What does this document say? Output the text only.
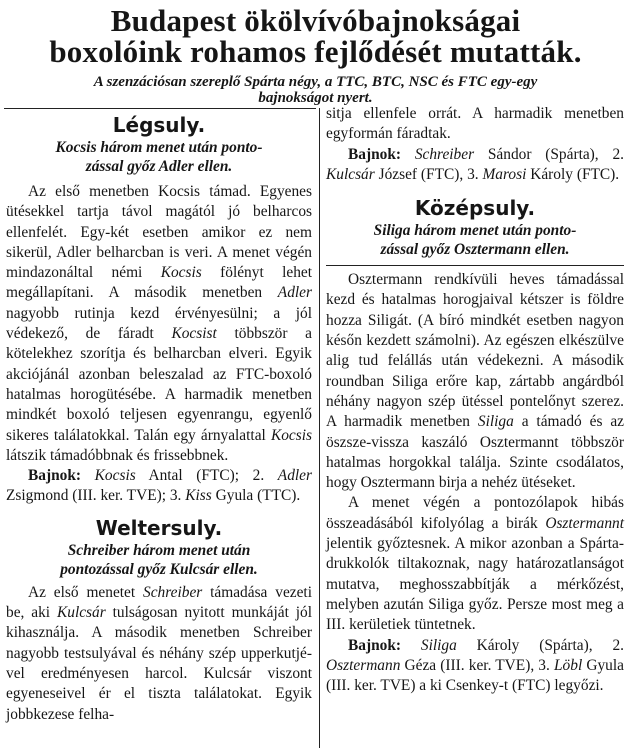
Budapest ökölvívóbajnokságai
boxolóink rohamos fejlődését mutatták.
A szenzációsan szereplő Spárta négy, a TTC, BTC, NSC és FTC egy-egy
bajnokságot nyert.
Légsuly.
Kocsis három menet után ponto-
zással győz Adler ellen.

Az első menetben Kocsis támad. Egyenes ütésekkel tartja távol magától jó belharcos ellenfelét. Egy-két esetben amikor ez nem sikerül, Adler belharcban is veri. A menet végén mindazonáltal némi Kocsis fölényt lehet megállapítani. A második menetben Adler nagyobb rutinja kezd érvényesülni; a jól védekező, de fáradt Kocsist többször a kötelekhez szorítja és belharcban elveri. Egyik akciójánál azonban beleszalad az FTC-boxoló hatalmas horogütésébe. A harmadik menetben mindkét boxoló teljesen egyenrangu, egyenlő sikeres találatokkal. Talán egy árnyalattal Kocsis látszik támadóbbnak és frissebbnek.

Bajnok: Kocsis Antal (FTC); 2. Adler Zsigmond (III. ker. TVE); 3. Kiss Gyula (TTC).

Weltersuly.
Schreiber három menet után
pontozással győz Kulcsár ellen.

Az első menetet Schreiber támadása vezeti be, aki Kulcsár tulságosan nyitott munkáját jól kihasználja. A második menetben Schreiber nagyobb testsulyával és néhány szép upperkutjé-vel eredményesen harcol. Kulcsár viszont egyeneseivel ér el tiszta találatokat. Egyik jobbkezese felha-

sitja ellenfele orrát. A harmadik menetben egyformán fáradtak.

Bajnok: Schreiber Sándor (Spárta), 2. Kulcsár József (FTC), 3. Marosi Károly (FTC).

Középsuly.
Siliga három menet után ponto-
zással győz Osztermann ellen.

Osztermann rendkívüli heves támadással kezd és hatalmas horogjaival kétszer is földre hozza Siligát. (A bíró mindkét esetben nagyon későn kezdett számolni). Az egészen elkészülve alig tud felállás után védekezni. A második roundban Siliga erőre kap, zártabb angárdból néhány nagyon szép ütéssel pontelőnyt szerez. A harmadik menetben Siliga a támadó és az öszsze-vissza kaszáló Osztermannt többször hatalmas horgokkal találja. Szinte csodálatos, hogy Osztermann birja a nehéz ütéseket.

A menet végén a pontozólapok hibás összeadásából kifolyólag a birák Osztermannt jelentik győztesnek. A mikor azonban a Spárta-drukkolók tiltakoznak, nagy határozatlanságot mutatva, meghosszabbítják a mérkőzést, melyben azután Siliga győz. Persze most meg a III. kerületiek tüntetnek.

Bajnok: Siliga Károly (Spárta), 2. Osztermann Géza (III. ker. TVE), 3. Löbl Gyula (III. ker. TVE) a ki Csenkey-t (FTC) legyőzi.
